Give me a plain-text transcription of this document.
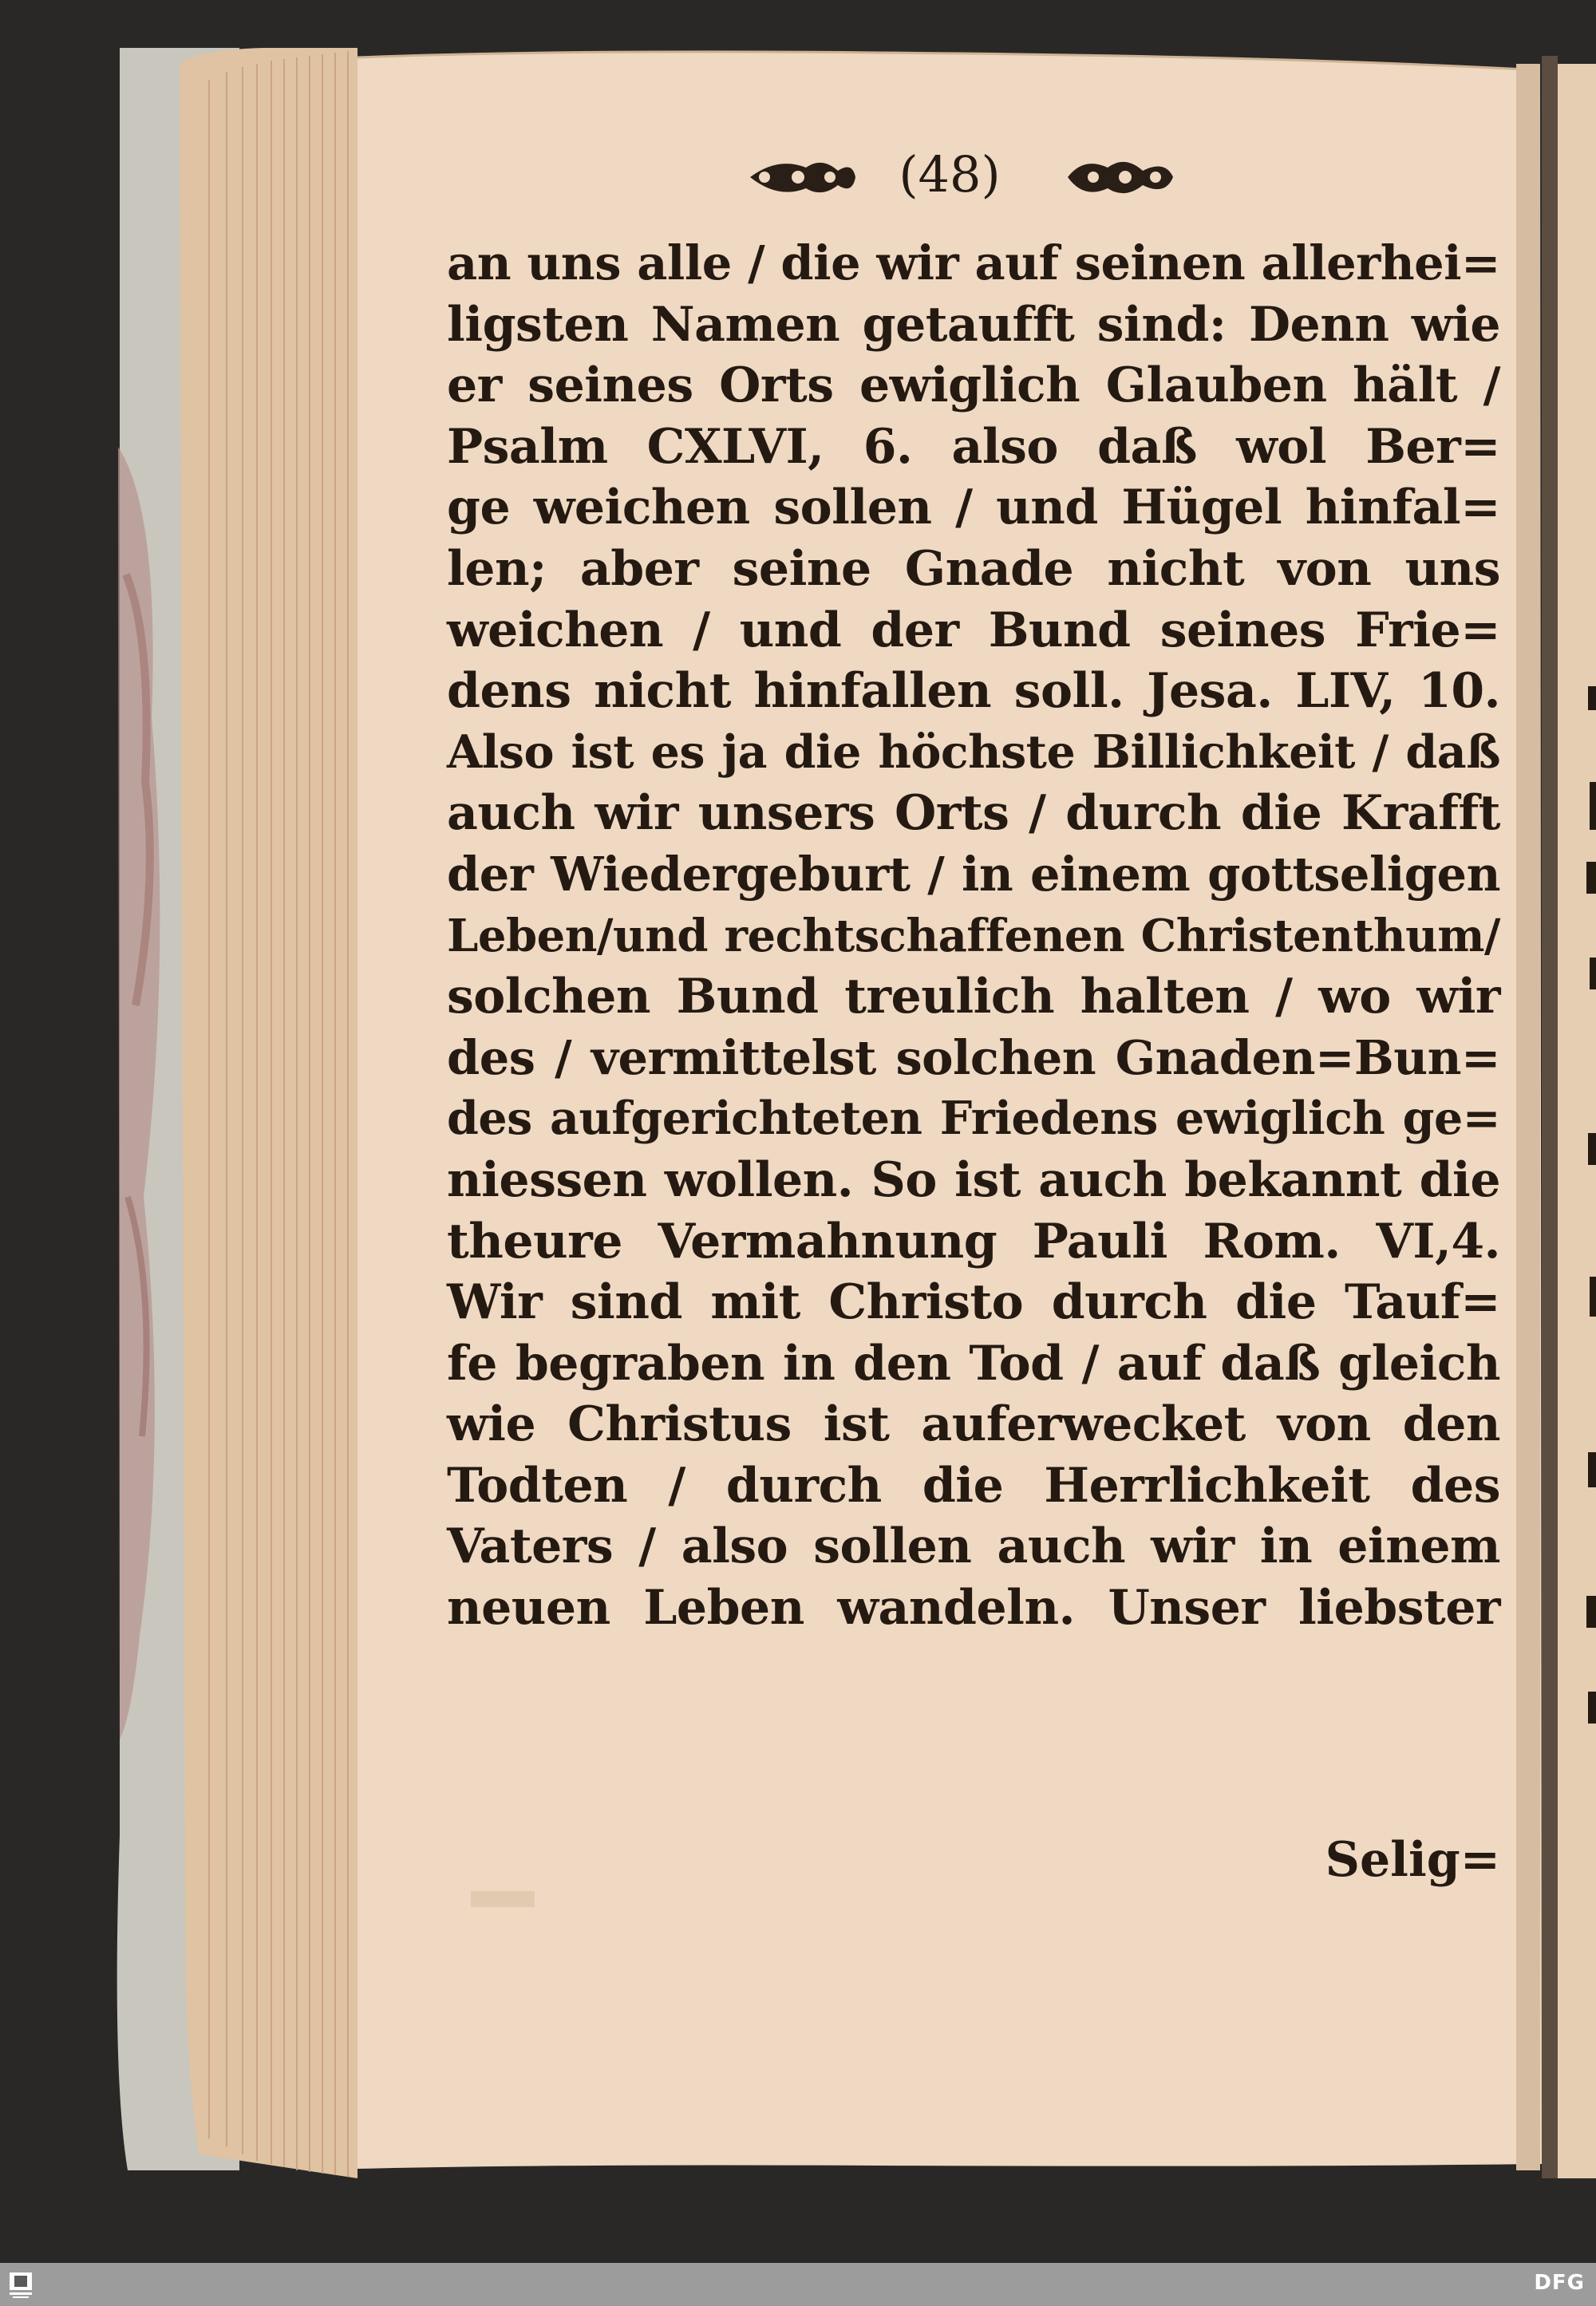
(48)
an uns alle / die wir auf seinen allerhei=
ligsten Namen getaufft sind: Denn wie
er seines Orts ewiglich Glauben hält /
Psalm CXLVI, 6. also daß wol Ber=
ge weichen sollen / und Hügel hinfal=
len; aber seine Gnade nicht von uns
weichen / und der Bund seines Frie=
dens nicht hinfallen soll. Jesa. LIV, 10.
Also ist es ja die höchste Billichkeit / daß
auch wir unsers Orts / durch die Krafft
der Wiedergeburt / in einem gottseligen
Leben/und rechtschaffenen Christenthum/
solchen Bund treulich halten / wo wir
des / vermittelst solchen Gnaden=Bun=
des aufgerichteten Friedens ewiglich ge=
niessen wollen. So ist auch bekannt die
theure Vermahnung Pauli Rom. VI,4.
Wir sind mit Christo durch die Tauf=
fe begraben in den Tod / auf daß gleich
wie Christus ist auferwecket von den
Todten / durch die Herrlichkeit des
Vaters / also sollen auch wir in einem
neuen Leben wandeln. Unser liebster
Selig=
DFG
